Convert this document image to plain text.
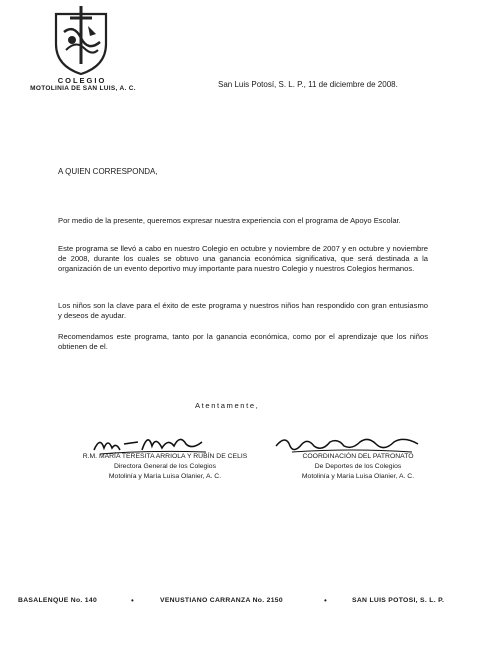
COLEGIO
MOTOLINIA DE SAN LUIS, A. C.	San Luis Potosí, S. L. P., 11 de diciembre de 2008.
A QUIEN CORRESPONDA,
Por medio de la presente, queremos expresar nuestra experiencia con el programa de Apoyo Escolar.
Este programa se llevó a cabo en nuestro Colegio en octubre y noviembre de 2007 y en octubre y noviembre de 2008, durante los cuales se obtuvo una ganancia económica significativa, que será destinada a la organización de un evento deportivo muy importante para nuestro Colegio y nuestros Colegios hermanos.
Los niños son la clave para el éxito de este programa y nuestros niños han respondido con gran entusiasmo y deseos de ayudar.
Recomendamos este programa, tanto por la ganancia económica, como por el aprendizaje que los niños obtienen de el.
Atentamente,
R.M. MARÍA TERESITA ARRIOLA Y RUBÍN DE CELIS
Directora General de los Colegios
Motolinía y María Luisa Olanier, A. C.
COORDINACIÓN DEL PATRONATO
De Deportes de los Colegios
Motolinía y María Luisa Olanier, A. C.
BASALENQUE No. 140	•	VENUSTIANO CARRANZA No. 2150	•	SAN LUIS POTOSI, S. L. P.
